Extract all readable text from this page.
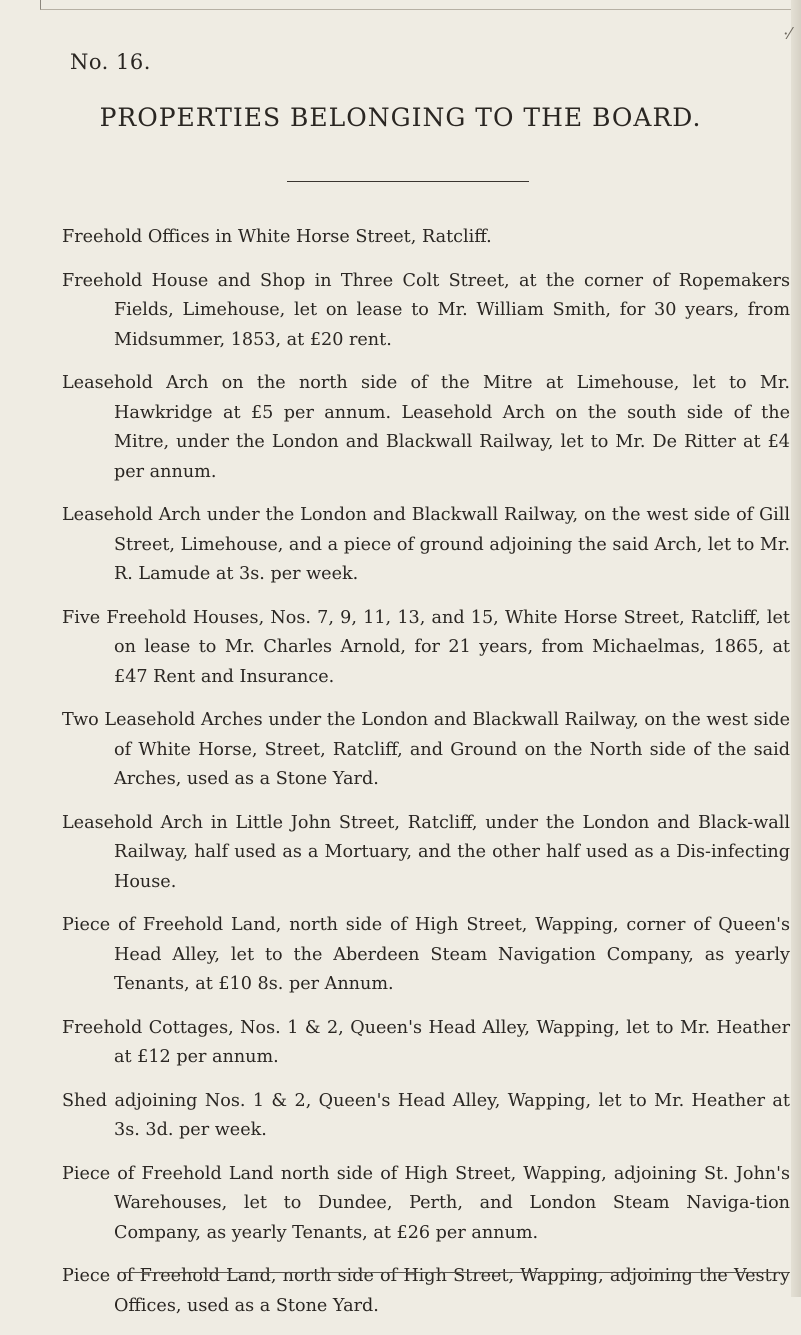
No. 16.
·⁄
PROPERTIES BELONGING TO THE BOARD.
Freehold Offices in White Horse Street, Ratcliff.
Freehold House and Shop in Three Colt Street, at the corner of Ropemakers Fields, Limehouse, let on lease to Mr. William Smith, for 30 years, from Midsummer, 1853, at £20 rent.
Leasehold Arch on the north side of the Mitre at Limehouse, let to Mr. Hawkridge at £5 per annum. Leasehold Arch on the south side of the Mitre, under the London and Blackwall Railway, let to Mr. De Ritter at £4 per annum.
Leasehold Arch under the London and Blackwall Railway, on the west side of Gill Street, Limehouse, and a piece of ground adjoining the said Arch, let to Mr. R. Lamude at 3s. per week.
Five Freehold Houses, Nos. 7, 9, 11, 13, and 15, White Horse Street, Ratcliff, let on lease to Mr. Charles Arnold, for 21 years, from Michaelmas, 1865, at £47 Rent and Insurance.
Two Leasehold Arches under the London and Blackwall Railway, on the west side of White Horse, Street, Ratcliff, and Ground on the North side of the said Arches, used as a Stone Yard.
Leasehold Arch in Little John Street, Ratcliff, under the London and Black-wall Railway, half used as a Mortuary, and the other half used as a Dis-infecting House.
Piece of Freehold Land, north side of High Street, Wapping, corner of Queen's Head Alley, let to the Aberdeen Steam Navigation Company, as yearly Tenants, at £10 8s. per Annum.
Freehold Cottages, Nos. 1 & 2, Queen's Head Alley, Wapping, let to Mr. Heather at £12 per annum.
Shed adjoining Nos. 1 & 2, Queen's Head Alley, Wapping, let to Mr. Heather at 3s. 3d. per week.
Piece of Freehold Land north side of High Street, Wapping, adjoining St. John's Warehouses, let to Dundee, Perth, and London Steam Naviga-tion Company, as yearly Tenants, at £26 per annum.
Piece of Freehold Land, north side of High Street, Wapping, adjoining the Vestry Offices, used as a Stone Yard.
